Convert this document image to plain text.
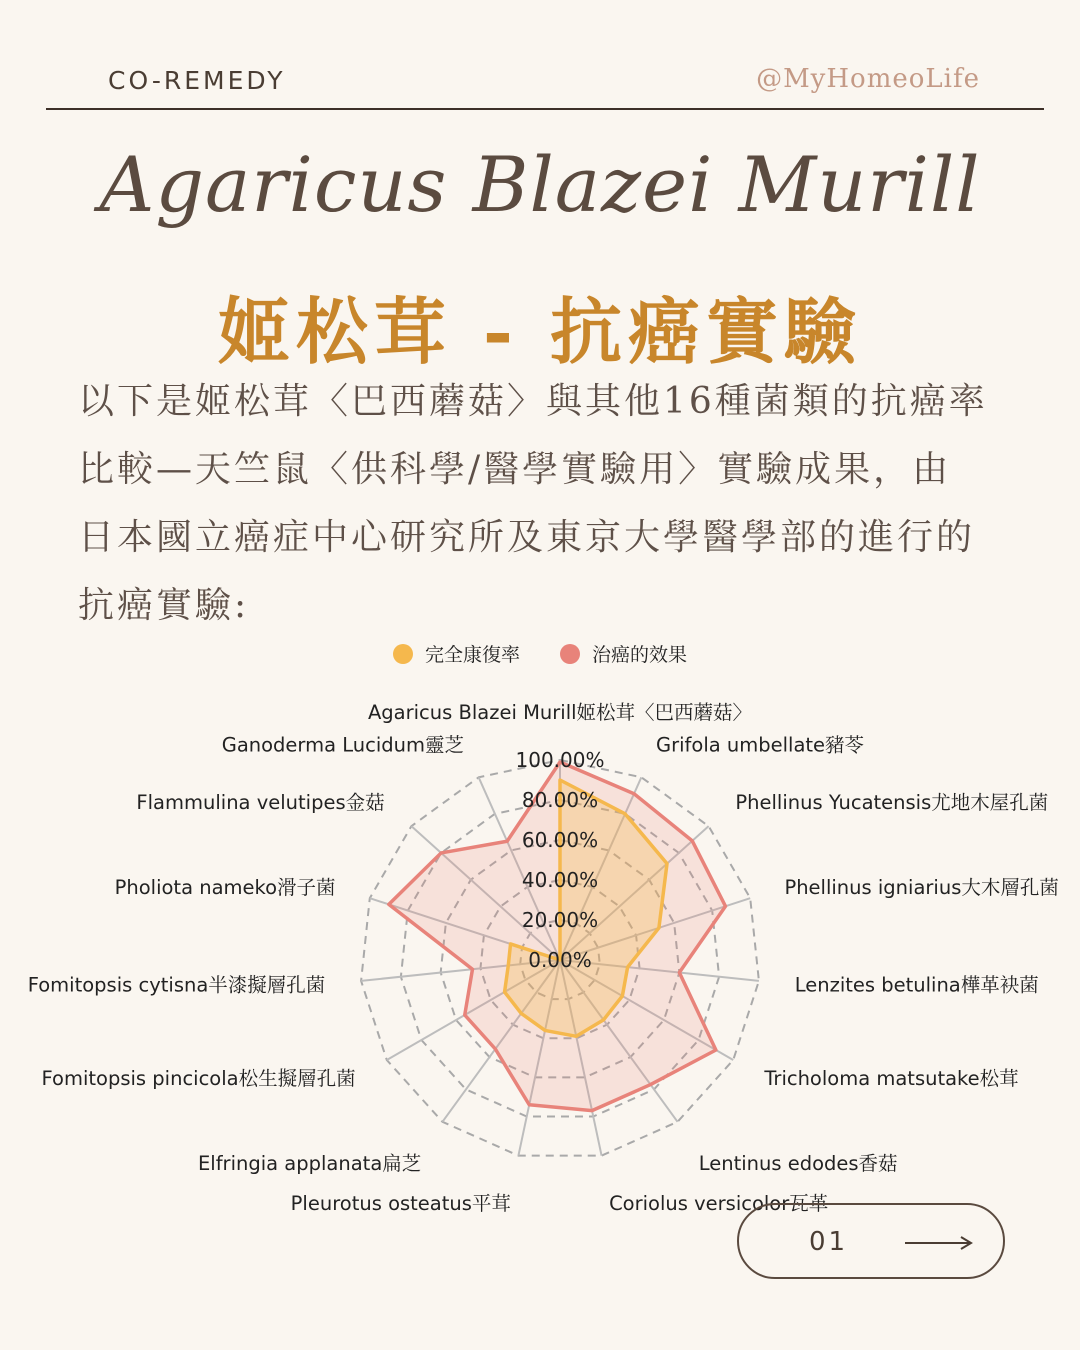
CO-REMEDY	@MyHomeoLife
Agaricus Blazei Murill
姬松茸 - 抗癌實驗
以下是姬松茸〈巴西蘑菇〉與其他16種菌類的抗癌率
比較—天竺鼠〈供科學/醫學實驗用〉實驗成果，由
日本國立癌症中心研究所及東京大學醫學部的進行的
抗癌實驗:
完全康復率	治癌的效果
0.00%
20.00%
40.00%
60.00%
80.00%
100.00%
Agaricus Blazei Murill姬松茸〈巴西蘑菇〉
Grifola umbellate豬苓
Phellinus Yucatensis尤地木屋孔菌
Phellinus igniarius大木層孔菌
Lenzites betulina樺革袂菌
Tricholoma matsutake松茸
Lentinus edodes香菇
Coriolus versicolor瓦革
Pleurotus osteatus平茸
Elfringia applanata扁芝
Fomitopsis pincicola松生擬層孔菌
Fomitopsis cytisna半漆擬層孔菌
Pholiota nameko滑子菌
Flammulina velutipes金菇
Ganoderma Lucidum靈芝
01
